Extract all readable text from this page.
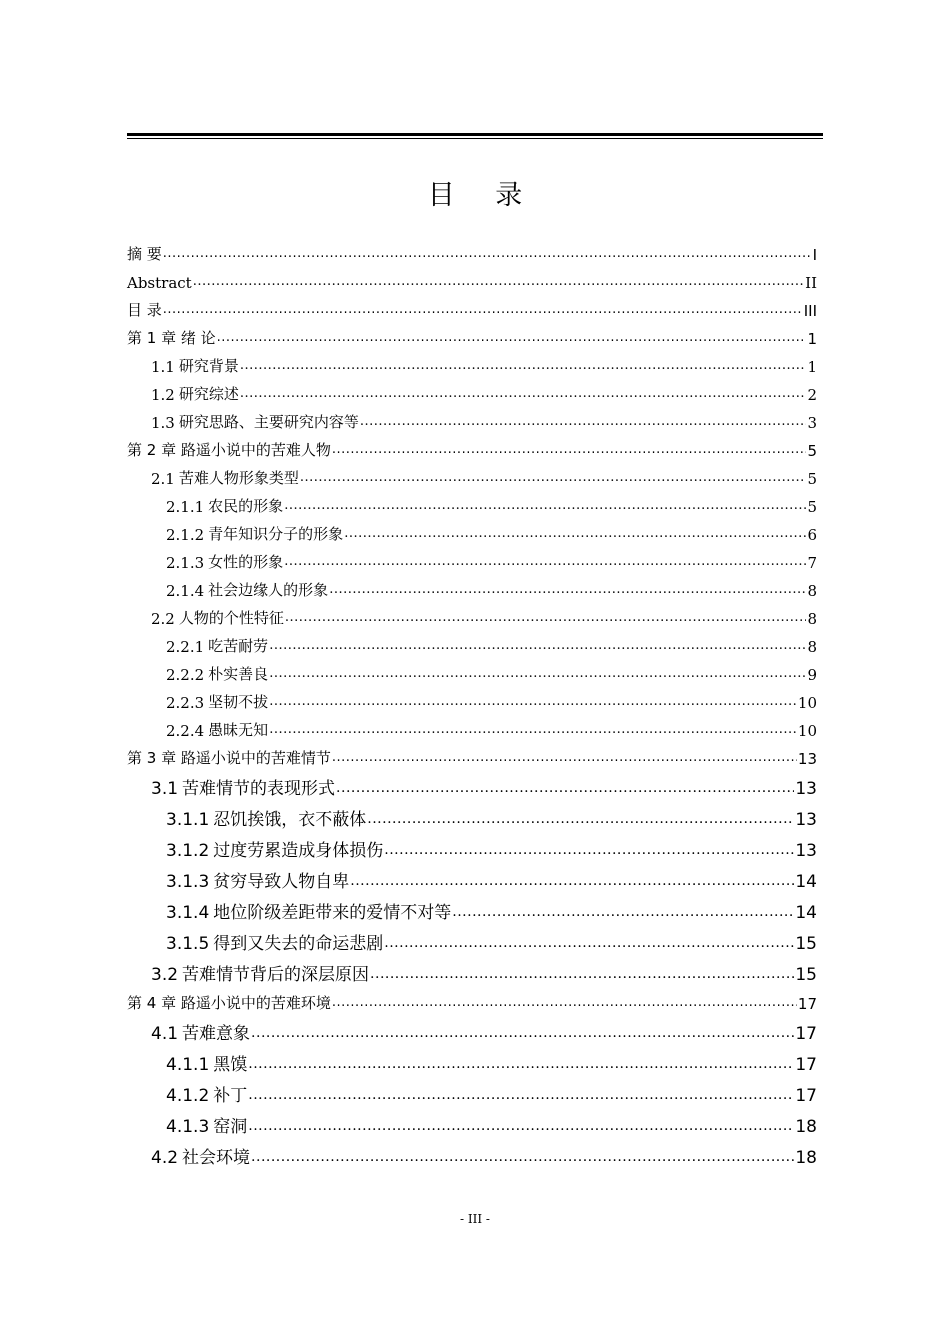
目 录
摘 要 .....	I
Abstract .....	II
目 录 .....	III
第 1 章 绪 论 .....	1
1.1 研究背景 .....	1
1.2 研究综述 .....	2
1.3 研究思路、主要研究内容等 .....	3
第 2 章 路遥小说中的苦难人物 .....	5
2.1 苦难人物形象类型 .....	5
2.1.1 农民的形象 .....	5
2.1.2 青年知识分子的形象 .....	6
2.1.3 女性的形象 .....	7
2.1.4 社会边缘人的形象 .....	8
2.2 人物的个性特征 .....	8
2.2.1 吃苦耐劳 .....	8
2.2.2 朴实善良 .....	9
2.2.3 坚韧不拔 .....	10
2.2.4 愚昧无知 .....	10
第 3 章 路遥小说中的苦难情节 .....	13
3.1 苦难情节的表现形式 .....	13
3.1.1 忍饥挨饿，衣不蔽体 .....	13
3.1.2 过度劳累造成身体损伤 .....	13
3.1.3 贫穷导致人物自卑 .....	14
3.1.4 地位阶级差距带来的爱情不对等 .....	14
3.1.5 得到又失去的命运悲剧 .....	15
3.2 苦难情节背后的深层原因 .....	15
第 4 章 路遥小说中的苦难环境 .....	17
4.1 苦难意象 .....	17
4.1.1 黑馍 .....	17
4.1.2 补丁 .....	17
4.1.3 窑洞 .....	18
4.2 社会环境 .....	18
- III -
